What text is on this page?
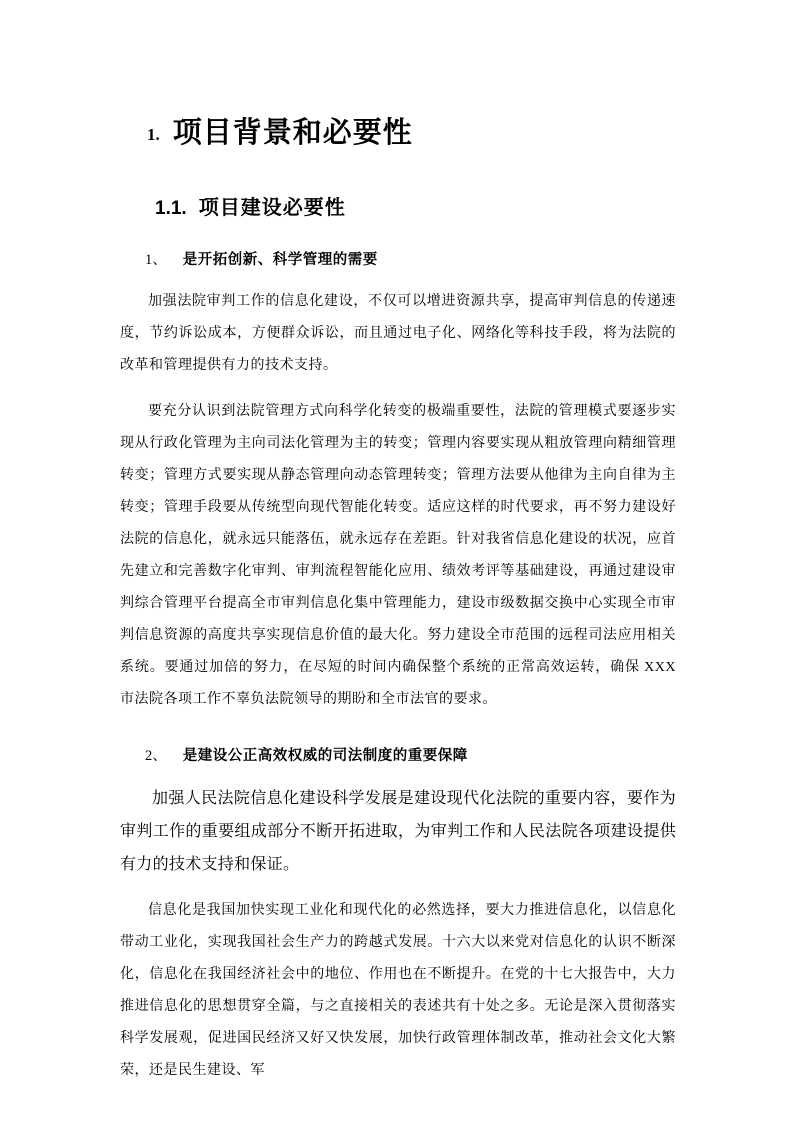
1. 项目背景和必要性
1.1. 项目建设必要性
1、 是开拓创新、科学管理的需要

加强法院审判工作的信息化建设，不仅可以增进资源共享，提高审判信息的传递速度，节约诉讼成本，方便群众诉讼，而且通过电子化、网络化等科技手段，将为法院的改革和管理提供有力的技术支持。

要充分认识到法院管理方式向科学化转变的极端重要性，法院的管理模式要逐步实现从行政化管理为主向司法化管理为主的转变；管理内容要实现从粗放管理向精细管理转变；管理方式要实现从静态管理向动态管理转变；管理方法要从他律为主向自律为主转变；管理手段要从传统型向现代智能化转变。适应这样的时代要求，再不努力建设好法院的信息化，就永远只能落伍，就永远存在差距。针对我省信息化建设的状况，应首先建立和完善数字化审判、审判流程智能化应用、绩效考评等基础建设，再通过建设审判综合管理平台提高全市审判信息化集中管理能力，建设市级数据交换中心实现全市审判信息资源的高度共享实现信息价值的最大化。努力建设全市范围的远程司法应用相关系统。要通过加倍的努力，在尽短的时间内确保整个系统的正常高效运转，确保 XXX 市法院各项工作不辜负法院领导的期盼和全市法官的要求。

2、 是建设公正高效权威的司法制度的重要保障

加强人民法院信息化建设科学发展是建设现代化法院的重要内容，要作为审判工作的重要组成部分不断开拓进取，为审判工作和人民法院各项建设提供有力的技术支持和保证。

信息化是我国加快实现工业化和现代化的必然选择，要大力推进信息化，以信息化带动工业化，实现我国社会生产力的跨越式发展。十六大以来党对信息化的认识不断深化，信息化在我国经济社会中的地位、作用也在不断提升。在党的十七大报告中，大力推进信息化的思想贯穿全篇，与之直接相关的表述共有十处之多。无论是深入贯彻落实科学发展观，促进国民经济又好又快发展，加快行政管理体制改革，推动社会文化大繁荣，还是民生建设、军
